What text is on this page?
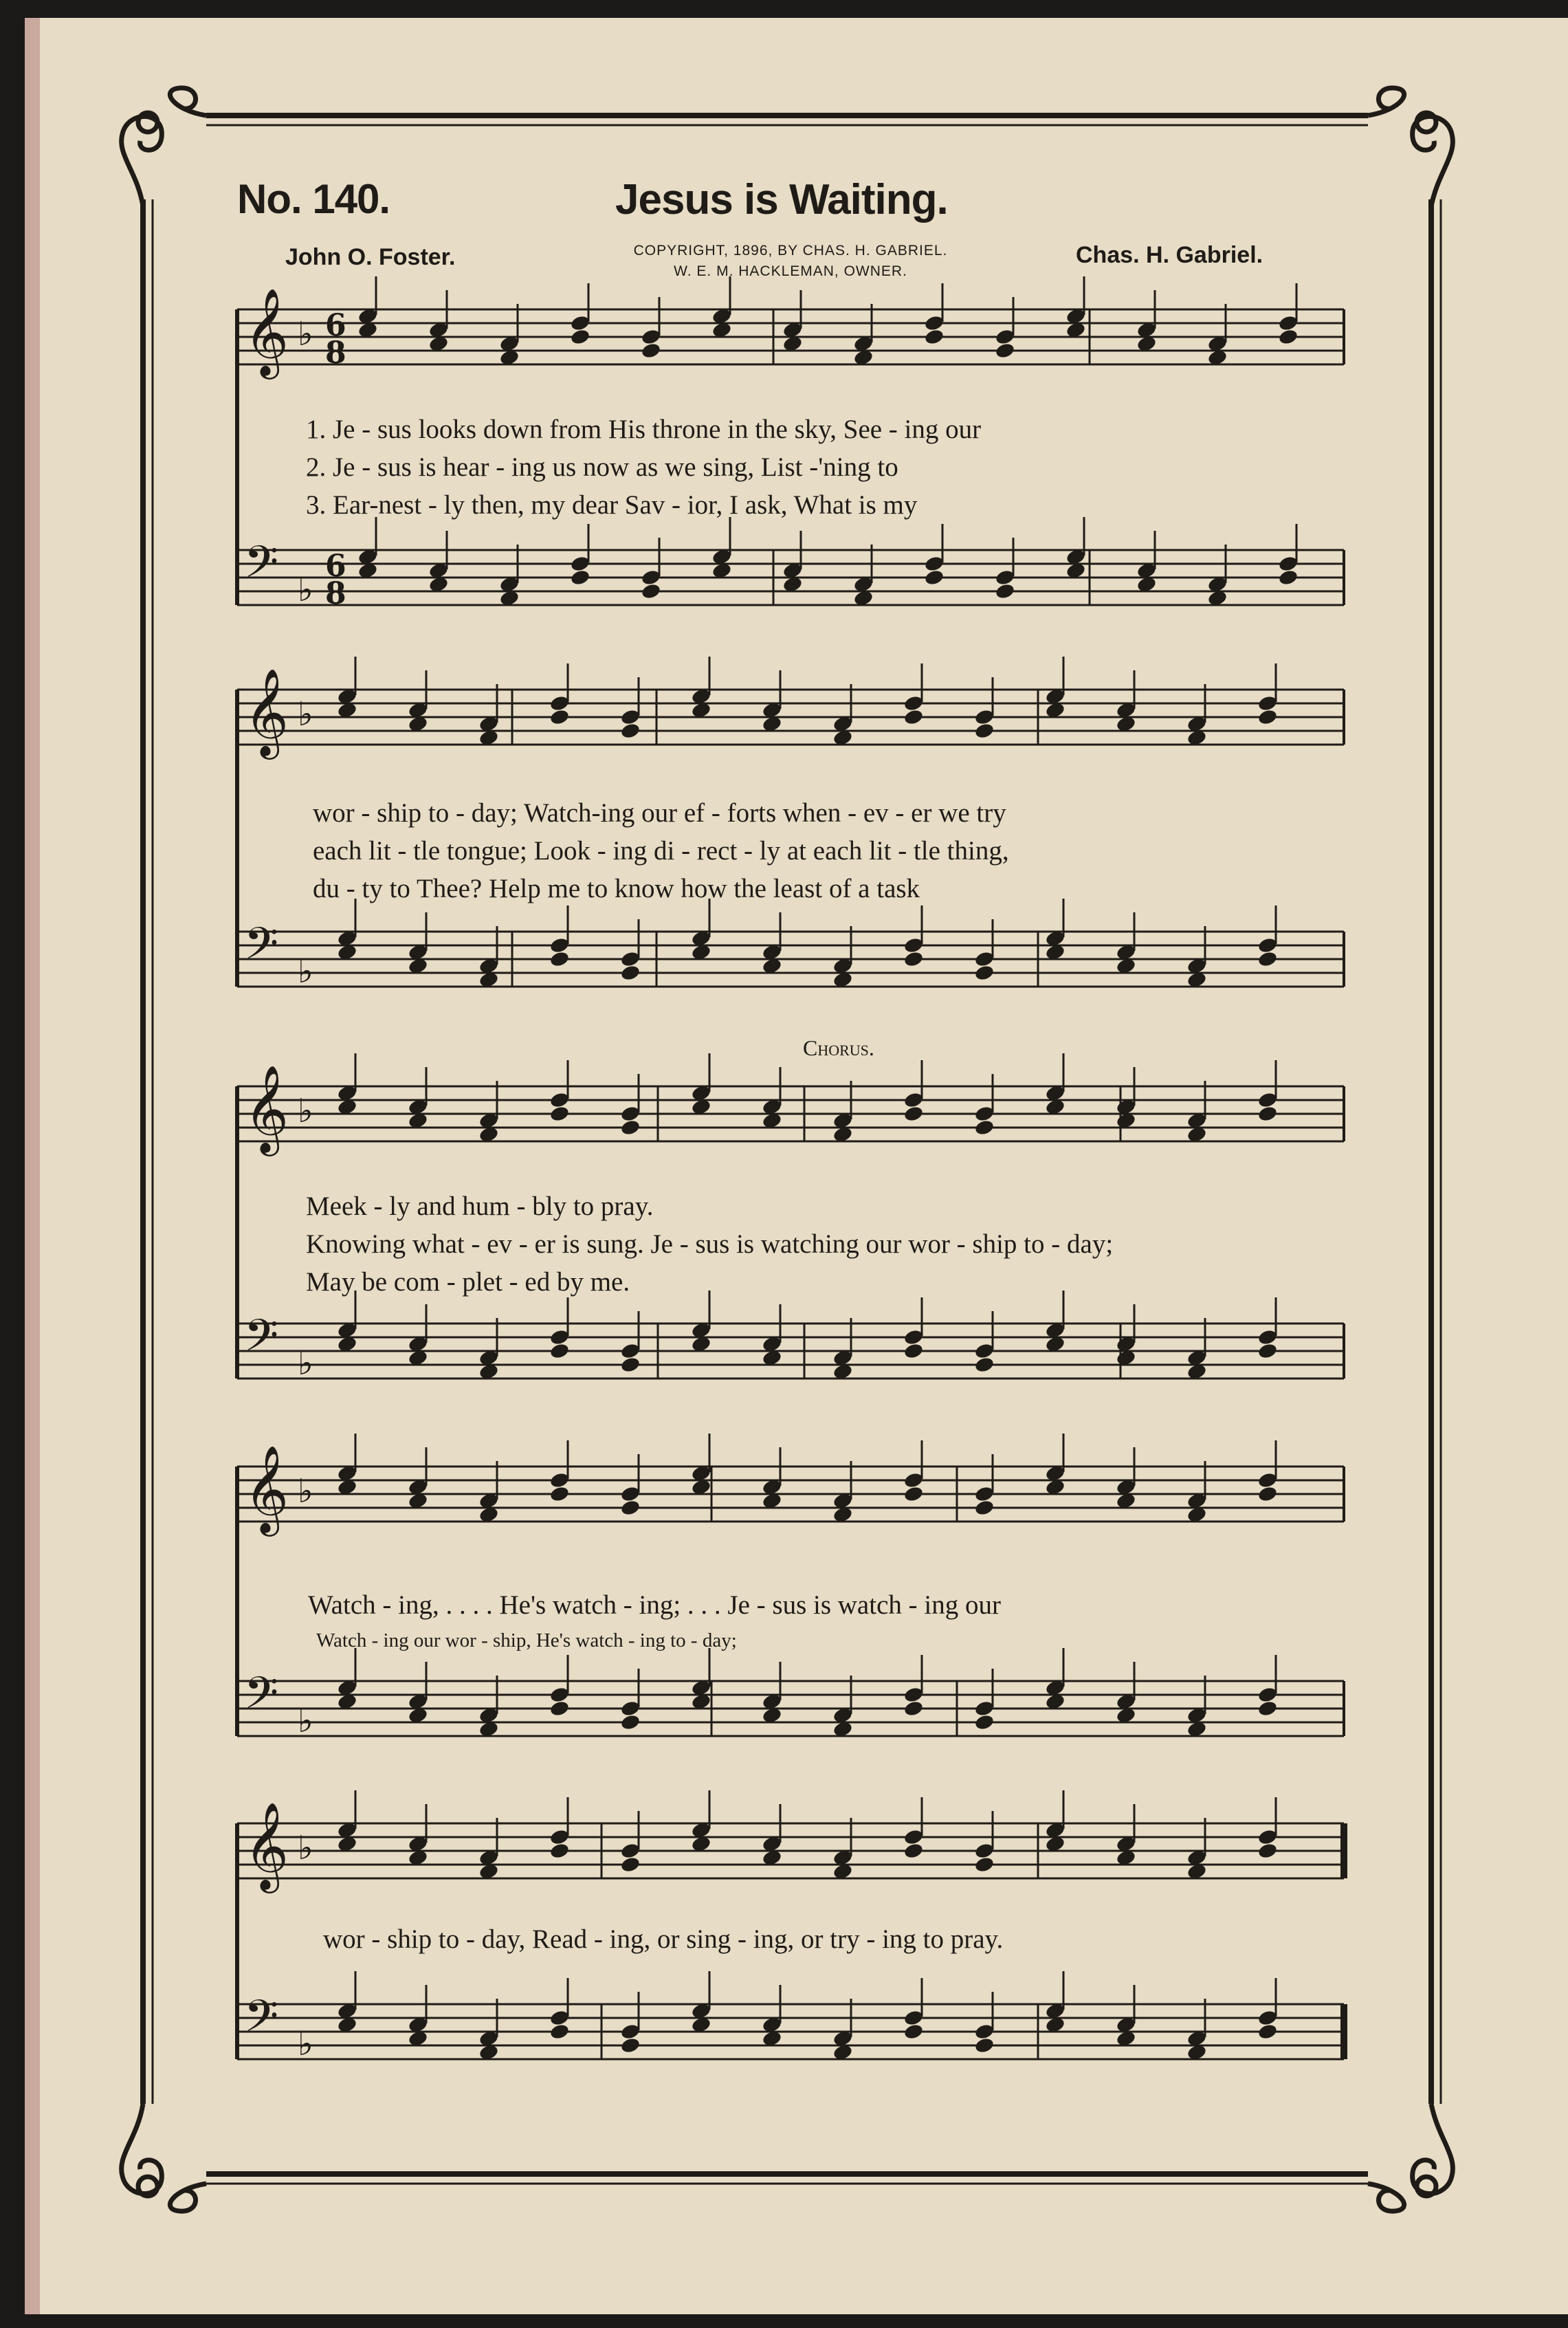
𝄞 ♭ 6
8
𝄢 ♭
6
8
𝄞 ♭
𝄢 ♭
𝄞 ♭
𝄢 ♭
𝄞 ♭
𝄢 ♭
𝄞 ♭
𝄢 ♭
No. 140.	Jesus is Waiting.
John O. Foster.	Chas. H. Gabriel.
COPYRIGHT, 1896, BY CHAS. H. GABRIEL.
W. E. M. HACKLEMAN, OWNER.
Chorus.
1. Je - sus looks down from His throne in the sky, See - ing our
2. Je - sus is hear - ing us now as we sing, List -'ning to
3. Ear-nest - ly then, my dear Sav - ior, I ask, What is my
wor - ship to - day; Watch-ing our ef - forts when - ev - er we try
each lit - tle tongue; Look - ing di - rect - ly at each lit - tle thing,
du - ty to Thee? Help me to know how the least of a task
Meek - ly and hum - bly to pray.
Knowing what - ev - er is sung. Je - sus is watching our wor - ship to - day;
May be com - plet - ed by me.
Watch - ing, . . . . He's watch - ing; . . . Je - sus is watch - ing our
Watch - ing our wor - ship, He's watch - ing to - day;
wor - ship to - day, Read - ing, or sing - ing, or try - ing to pray.
